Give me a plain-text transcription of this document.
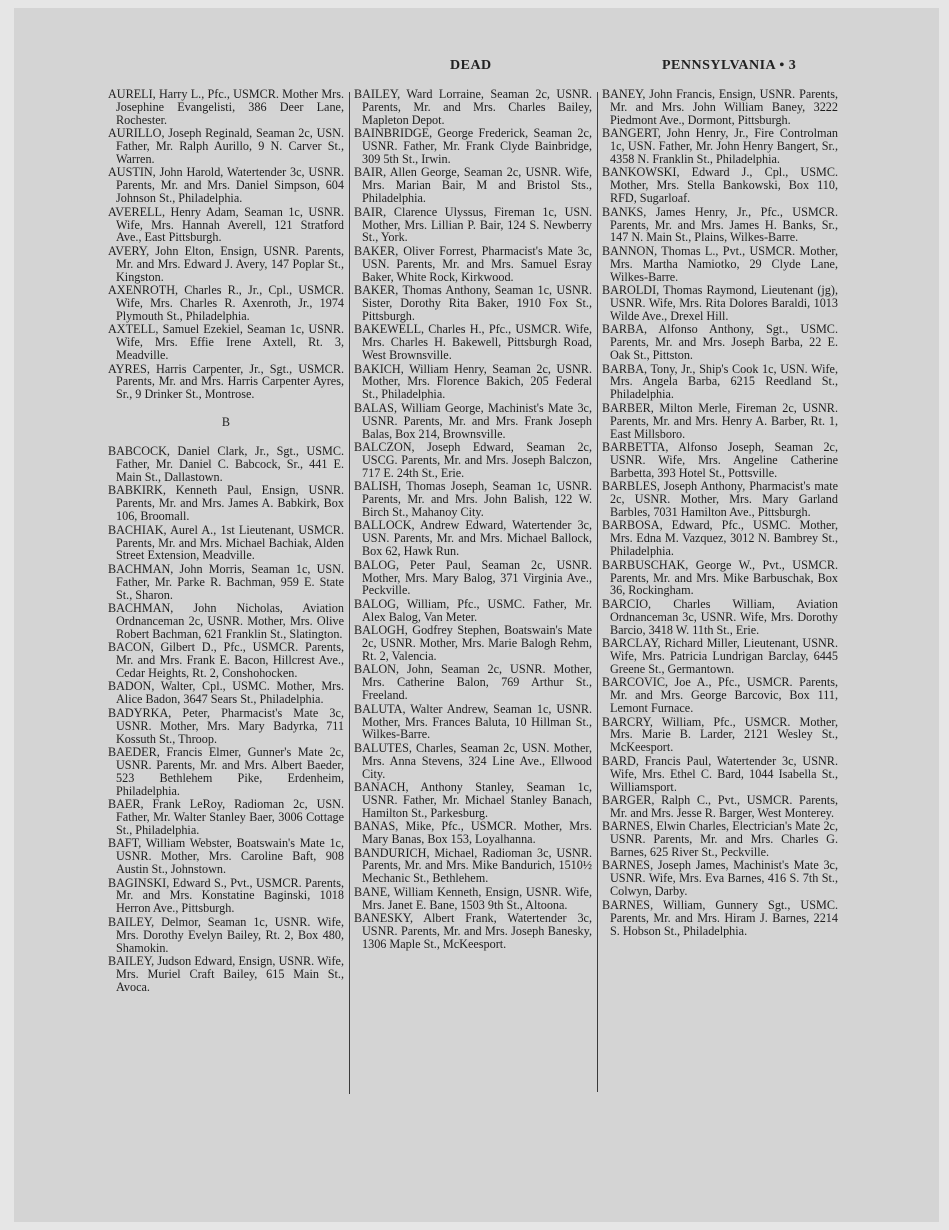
DEAD	PENNSYLVANIA • 3

AURELI, Harry L., Pfc., USMCR. Mother Mrs. Josephine Evangelisti, 386 Deer Lane, Rochester.

AURILLO, Joseph Reginald, Seaman 2c, USN. Father, Mr. Ralph Aurillo, 9 N. Carver St., Warren.

AUSTIN, John Harold, Watertender 3c, USNR. Parents, Mr. and Mrs. Daniel Simpson, 604 Johnson St., Philadelphia.

AVERELL, Henry Adam, Seaman 1c, USNR. Wife, Mrs. Hannah Averell, 121 Stratford Ave., East Pittsburgh.

AVERY, John Elton, Ensign, USNR. Parents, Mr. and Mrs. Edward J. Avery, 147 Poplar St., Kingston.

AXENROTH, Charles R., Jr., Cpl., USMCR. Wife, Mrs. Charles R. Axenroth, Jr., 1974 Plymouth St., Philadelphia.

AXTELL, Samuel Ezekiel, Seaman 1c, USNR. Wife, Mrs. Effie Irene Axtell, Rt. 3, Meadville.

AYRES, Harris Carpenter, Jr., Sgt., USMCR. Parents, Mr. and Mrs. Harris Carpenter Ayres, Sr., 9 Drinker St., Montrose.

B

BABCOCK, Daniel Clark, Jr., Sgt., USMC. Father, Mr. Daniel C. Babcock, Sr., 441 E. Main St., Dallastown.

BABKIRK, Kenneth Paul, Ensign, USNR. Parents, Mr. and Mrs. James A. Babkirk, Box 106, Broomall.

BACHIAK, Aurel A., 1st Lieutenant, USMCR. Parents, Mr. and Mrs. Michael Bachiak, Alden Street Extension, Meadville.

BACHMAN, John Morris, Seaman 1c, USN. Father, Mr. Parke R. Bachman, 959 E. State St., Sharon.

BACHMAN, John Nicholas, Aviation Ordnanceman 2c, USNR. Mother, Mrs. Olive Robert Bachman, 621 Franklin St., Slatington.

BACON, Gilbert D., Pfc., USMCR. Parents, Mr. and Mrs. Frank E. Bacon, Hillcrest Ave., Cedar Heights, Rt. 2, Conshohocken.

BADON, Walter, Cpl., USMC. Mother, Mrs. Alice Badon, 3647 Sears St., Philadelphia.

BADYRKA, Peter, Pharmacist's Mate 3c, USNR. Mother, Mrs. Mary Badyrka, 711 Kossuth St., Throop.

BAEDER, Francis Elmer, Gunner's Mate 2c, USNR. Parents, Mr. and Mrs. Albert Baeder, 523 Bethlehem Pike, Erdenheim, Philadelphia.

BAER, Frank LeRoy, Radioman 2c, USN. Father, Mr. Walter Stanley Baer, 3006 Cottage St., Philadelphia.

BAFT, William Webster, Boatswain's Mate 1c, USNR. Mother, Mrs. Caroline Baft, 908 Austin St., Johnstown.

BAGINSKI, Edward S., Pvt., USMCR. Parents, Mr. and Mrs. Konstatine Baginski, 1018 Herron Ave., Pittsburgh.

BAILEY, Delmor, Seaman 1c, USNR. Wife, Mrs. Dorothy Evelyn Bailey, Rt. 2, Box 480, Shamokin.

BAILEY, Judson Edward, Ensign, USNR. Wife, Mrs. Muriel Craft Bailey, 615 Main St., Avoca.

BAILEY, Ward Lorraine, Seaman 2c, USNR. Parents, Mr. and Mrs. Charles Bailey, Mapleton Depot.

BAINBRIDGE, George Frederick, Seaman 2c, USNR. Father, Mr. Frank Clyde Bainbridge, 309 5th St., Irwin.

BAIR, Allen George, Seaman 2c, USNR. Wife, Mrs. Marian Bair, M and Bristol Sts., Philadelphia.

BAIR, Clarence Ulyssus, Fireman 1c, USN. Mother, Mrs. Lillian P. Bair, 124 S. Newberry St., York.

BAKER, Oliver Forrest, Pharmacist's Mate 3c, USN. Parents, Mr. and Mrs. Samuel Esray Baker, White Rock, Kirkwood.

BAKER, Thomas Anthony, Seaman 1c, USNR. Sister, Dorothy Rita Baker, 1910 Fox St., Pittsburgh.

BAKEWELL, Charles H., Pfc., USMCR. Wife, Mrs. Charles H. Bakewell, Pittsburgh Road, West Brownsville.

BAKICH, William Henry, Seaman 2c, USNR. Mother, Mrs. Florence Bakich, 205 Federal St., Philadelphia.

BALAS, William George, Machinist's Mate 3c, USNR. Parents, Mr. and Mrs. Frank Joseph Balas, Box 214, Brownsville.

BALCZON, Joseph Edward, Seaman 2c, USCG. Parents, Mr. and Mrs. Joseph Balczon, 717 E. 24th St., Erie.

BALISH, Thomas Joseph, Seaman 1c, USNR. Parents, Mr. and Mrs. John Balish, 122 W. Birch St., Mahanoy City.

BALLOCK, Andrew Edward, Watertender 3c, USN. Parents, Mr. and Mrs. Michael Ballock, Box 62, Hawk Run.

BALOG, Peter Paul, Seaman 2c, USNR. Mother, Mrs. Mary Balog, 371 Virginia Ave., Peckville.

BALOG, William, Pfc., USMC. Father, Mr. Alex Balog, Van Meter.

BALOGH, Godfrey Stephen, Boatswain's Mate 2c, USNR. Mother, Mrs. Marie Balogh Rehm, Rt. 2, Valencia.

BALON, John, Seaman 2c, USNR. Mother, Mrs. Catherine Balon, 769 Arthur St., Freeland.

BALUTA, Walter Andrew, Seaman 1c, USNR. Mother, Mrs. Frances Baluta, 10 Hillman St., Wilkes-Barre.

BALUTES, Charles, Seaman 2c, USN. Mother, Mrs. Anna Stevens, 324 Line Ave., Ellwood City.

BANACH, Anthony Stanley, Seaman 1c, USNR. Father, Mr. Michael Stanley Banach, Hamilton St., Parkesburg.

BANAS, Mike, Pfc., USMCR. Mother, Mrs. Mary Banas, Box 153, Loyalhanna.

BANDURICH, Michael, Radioman 3c, USNR. Parents, Mr. and Mrs. Mike Bandurich, 1510½ Mechanic St., Bethlehem.

BANE, William Kenneth, Ensign, USNR. Wife, Mrs. Janet E. Bane, 1503 9th St., Altoona.

BANESKY, Albert Frank, Watertender 3c, USNR. Parents, Mr. and Mrs. Joseph Banesky, 1306 Maple St., McKeesport.

BANEY, John Francis, Ensign, USNR. Parents, Mr. and Mrs. John William Baney, 3222 Piedmont Ave., Dormont, Pittsburgh.

BANGERT, John Henry, Jr., Fire Controlman 1c, USN. Father, Mr. John Henry Bangert, Sr., 4358 N. Franklin St., Philadelphia.

BANKOWSKI, Edward J., Cpl., USMC. Mother, Mrs. Stella Bankowski, Box 110, RFD, Sugarloaf.

BANKS, James Henry, Jr., Pfc., USMCR. Parents, Mr. and Mrs. James H. Banks, Sr., 147 N. Main St., Plains, Wilkes-Barre.

BANNON, Thomas L., Pvt., USMCR. Mother, Mrs. Martha Namiotko, 29 Clyde Lane, Wilkes-Barre.

BAROLDI, Thomas Raymond, Lieutenant (jg), USNR. Wife, Mrs. Rita Dolores Baraldi, 1013 Wilde Ave., Drexel Hill.

BARBA, Alfonso Anthony, Sgt., USMC. Parents, Mr. and Mrs. Joseph Barba, 22 E. Oak St., Pittston.

BARBA, Tony, Jr., Ship's Cook 1c, USN. Wife, Mrs. Angela Barba, 6215 Reedland St., Philadelphia.

BARBER, Milton Merle, Fireman 2c, USNR. Parents, Mr. and Mrs. Henry A. Barber, Rt. 1, East Millsboro.

BARBETTA, Alfonso Joseph, Seaman 2c, USNR. Wife, Mrs. Angeline Catherine Barbetta, 393 Hotel St., Pottsville.

BARBLES, Joseph Anthony, Pharmacist's mate 2c, USNR. Mother, Mrs. Mary Garland Barbles, 7031 Hamilton Ave., Pittsburgh.

BARBOSA, Edward, Pfc., USMC. Mother, Mrs. Edna M. Vazquez, 3012 N. Bambrey St., Philadelphia.

BARBUSCHAK, George W., Pvt., USMCR. Parents, Mr. and Mrs. Mike Barbuschak, Box 36, Rockingham.

BARCIO, Charles William, Aviation Ordnanceman 3c, USNR. Wife, Mrs. Dorothy Barcio, 3418 W. 11th St., Erie.

BARCLAY, Richard Miller, Lieutenant, USNR. Wife, Mrs. Patricia Lundrigan Barclay, 6445 Greene St., Germantown.

BARCOVIC, Joe A., Pfc., USMCR. Parents, Mr. and Mrs. George Barcovic, Box 111, Lemont Furnace.

BARCRY, William, Pfc., USMCR. Mother, Mrs. Marie B. Larder, 2121 Wesley St., McKeesport.

BARD, Francis Paul, Watertender 3c, USNR. Wife, Mrs. Ethel C. Bard, 1044 Isabella St., Williamsport.

BARGER, Ralph C., Pvt., USMCR. Parents, Mr. and Mrs. Jesse R. Barger, West Monterey.

BARNES, Elwin Charles, Electrician's Mate 2c, USNR. Parents, Mr. and Mrs. Charles G. Barnes, 625 River St., Peckville.

BARNES, Joseph James, Machinist's Mate 3c, USNR. Wife, Mrs. Eva Barnes, 416 S. 7th St., Colwyn, Darby.

BARNES, William, Gunnery Sgt., USMC. Parents, Mr. and Mrs. Hiram J. Barnes, 2214 S. Hobson St., Philadelphia.
